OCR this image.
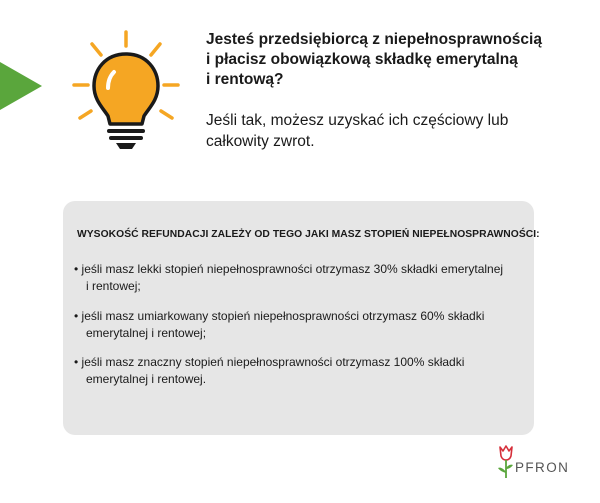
Jesteś przedsiębiorcą z niepełnosprawnością
i płacisz obowiązkową składkę emerytalną
i rentową?
Jeśli tak, możesz uzyskać ich częściowy lub
całkowity zwrot.
WYSOKOŚĆ REFUNDACJI ZALEŻY OD TEGO JAKI MASZ STOPIEŃ NIEPEŁNOSPRAWNOŚCI:
• jeśli masz lekki stopień niepełnosprawności otrzymasz 30% składki emerytalnej
i rentowej;
• jeśli masz umiarkowany stopień niepełnosprawności otrzymasz 60% składki
emerytalnej i rentowej;
• jeśli masz znaczny stopień niepełnosprawności otrzymasz 100% składki
emerytalnej i rentowej.
PFRON
